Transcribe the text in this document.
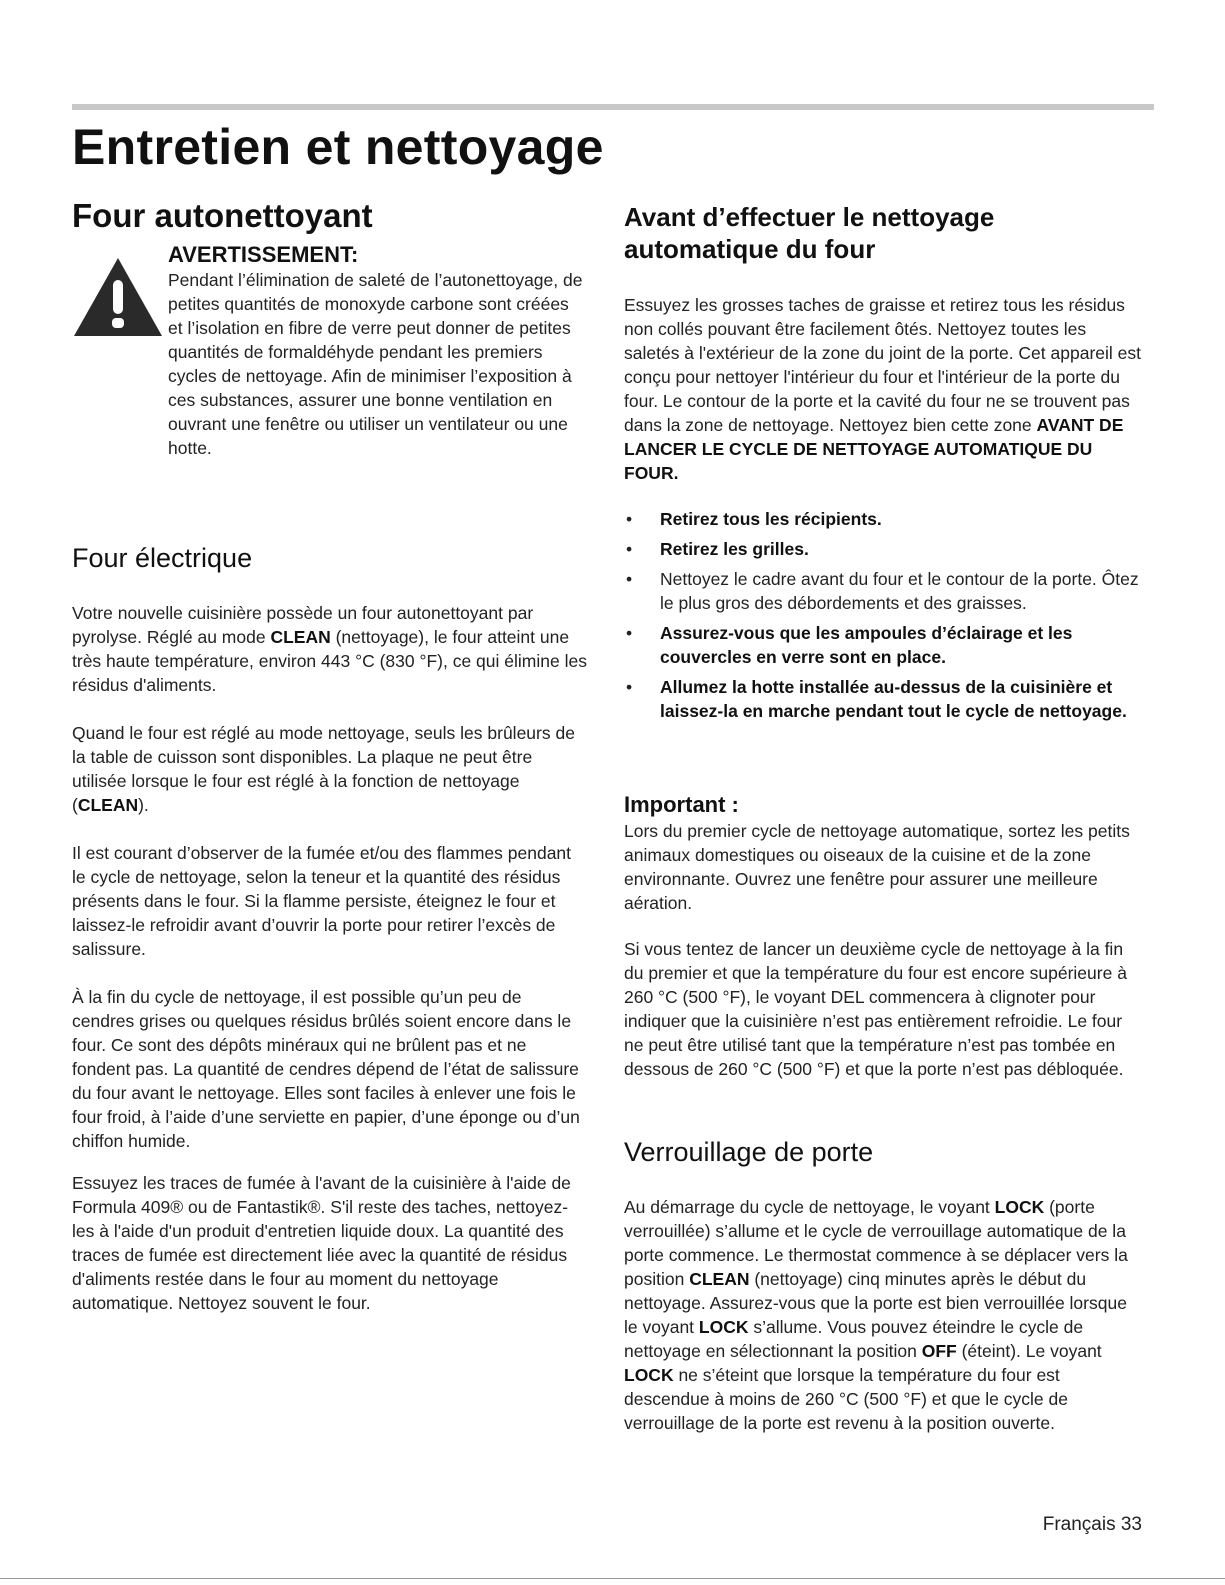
Entretien et nettoyage
Four autonettoyant
AVERTISSEMENT:

Pendant l’élimination de saleté de l’autonettoyage, de petites quantités de monoxyde carbone sont créées et l’isolation en fibre de verre peut donner de petites quantités de formaldéhyde pendant les premiers cycles de nettoyage. Afin de minimiser l’exposition à ces substances, assurer une bonne ventilation en ouvrant une fenêtre ou utiliser un ventilateur ou une hotte.

Four électrique

Votre nouvelle cuisinière possède un four autonettoyant par pyrolyse. Réglé au mode CLEAN (nettoyage), le four atteint une très haute température, environ 443 °C (830 °F), ce qui élimine les résidus d'aliments.

Quand le four est réglé au mode nettoyage, seuls les brûleurs de la table de cuisson sont disponibles. La plaque ne peut être utilisée lorsque le four est réglé à la fonction de nettoyage (CLEAN).

Il est courant d’observer de la fumée et/ou des flammes pendant le cycle de nettoyage, selon la teneur et la quantité des résidus présents dans le four. Si la flamme persiste, éteignez le four et laissez-le refroidir avant d’ouvrir la porte pour retirer l’excès de salissure.

À la fin du cycle de nettoyage, il est possible qu’un peu de cendres grises ou quelques résidus brûlés soient encore dans le four. Ce sont des dépôts minéraux qui ne brûlent pas et ne fondent pas. La quantité de cendres dépend de l’état de salissure du four avant le nettoyage. Elles sont faciles à enlever une fois le four froid, à l’aide d’une serviette en papier, d’une éponge ou d’un chiffon humide.

Essuyez les traces de fumée à l'avant de la cuisinière à l'aide de Formula 409® ou de Fantastik®. S'il reste des taches, nettoyez-les à l'aide d'un produit d'entretien liquide doux. La quantité des traces de fumée est directement liée avec la quantité de résidus d'aliments restée dans le four au moment du nettoyage automatique. Nettoyez souvent le four.

Avant d’effectuer le nettoyage
automatique du four

Essuyez les grosses taches de graisse et retirez tous les résidus non collés pouvant être facilement ôtés. Nettoyez toutes les saletés à l'extérieur de la zone du joint de la porte. Cet appareil est conçu pour nettoyer l'intérieur du four et l'intérieur de la porte du four. Le contour de la porte et la cavité du four ne se trouvent pas dans la zone de nettoyage. Nettoyez bien cette zone AVANT DE LANCER LE CYCLE DE NETTOYAGE AUTOMATIQUE DU FOUR.

• Retirez tous les récipients.
• Retirez les grilles.
• Nettoyez le cadre avant du four et le contour de la porte. Ôtez le plus gros des débordements et des graisses.
• Assurez-vous que les ampoules d’éclairage et les couvercles en verre sont en place.
• Allumez la hotte installée au-dessus de la cuisinière et laissez-la en marche pendant tout le cycle de nettoyage.
Important :

Lors du premier cycle de nettoyage automatique, sortez les petits animaux domestiques ou oiseaux de la cuisine et de la zone environnante. Ouvrez une fenêtre pour assurer une meilleure aération.

Si vous tentez de lancer un deuxième cycle de nettoyage à la fin du premier et que la température du four est encore supérieure à 260 °C (500 °F), le voyant DEL commencera à clignoter pour indiquer que la cuisinière n’est pas entièrement refroidie. Le four ne peut être utilisé tant que la température n’est pas tombée en dessous de 260 °C (500 °F) et que la porte n’est pas débloquée.

Verrouillage de porte

Au démarrage du cycle de nettoyage, le voyant LOCK (porte verrouillée) s’allume et le cycle de verrouillage automatique de la porte commence. Le thermostat commence à se déplacer vers la position CLEAN (nettoyage) cinq minutes après le début du nettoyage. Assurez-vous que la porte est bien verrouillée lorsque le voyant LOCK s’allume. Vous pouvez éteindre le cycle de nettoyage en sélectionnant la position OFF (éteint). Le voyant LOCK ne s’éteint que lorsque la température du four est descendue à moins de 260 °C (500 °F) et que le cycle de verrouillage de la porte est revenu à la position ouverte.

Français 33
